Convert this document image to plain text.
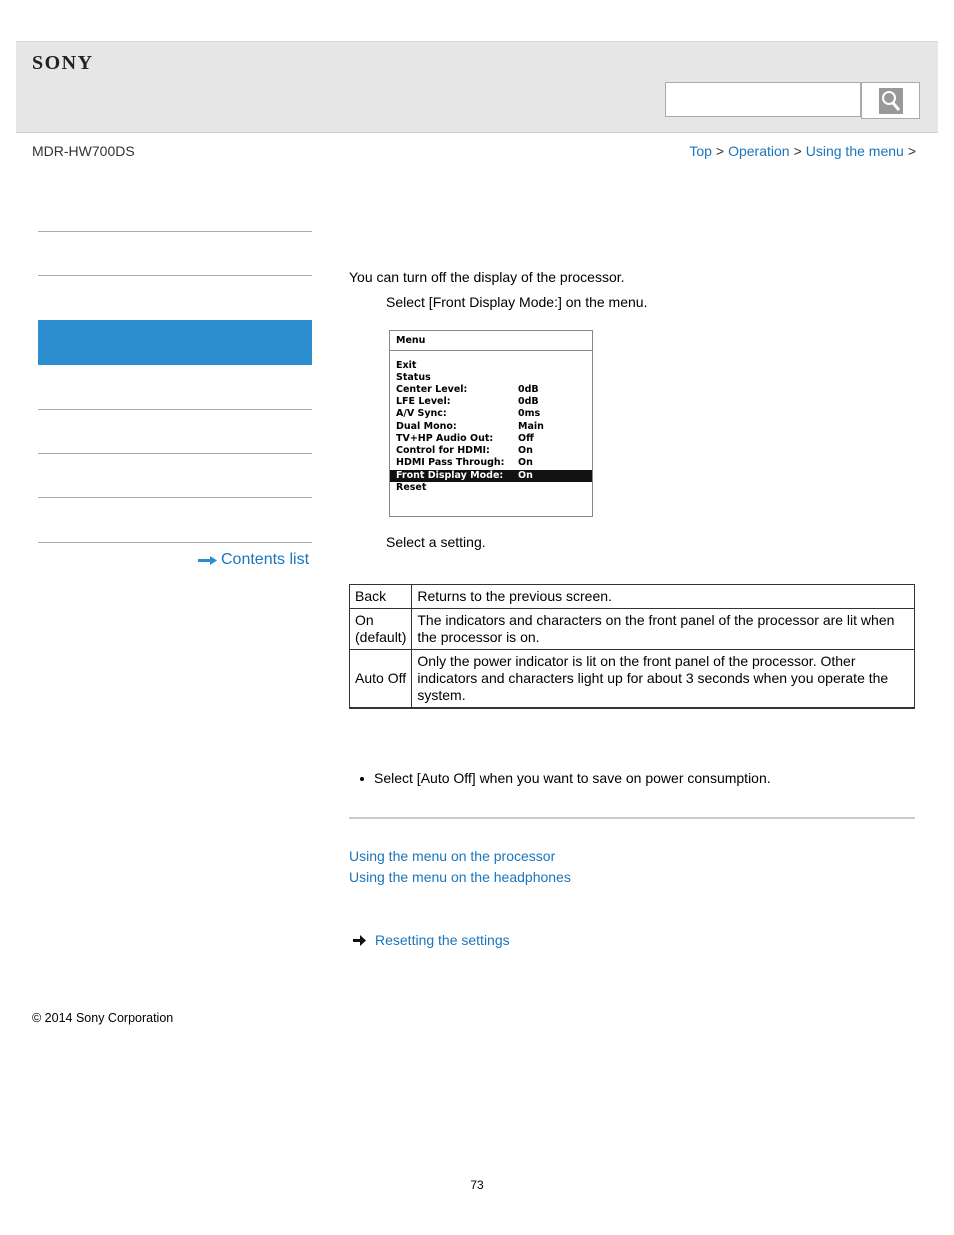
SONY
MDR-HW700DS	Top > Operation > Using the menu >
Contents list
You can turn off the display of the processor.
Select [Front Display Mode:] on the menu.
Menu
Exit
Status
Center Level:	0dB
LFE Level:	0dB
A/V Sync:	0ms
Dual Mono:	Main
TV+HP Audio Out:	Off
Control for HDMI:	On
HDMI Pass Through: On
Front Display Mode: On
Reset
Select a setting.
Back	Returns to the previous screen.
On (default)	The indicators and characters on the front panel of the processor are lit when the processor is on.
Auto Off	Only the power indicator is lit on the front panel of the processor. Other indicators and characters light up for about 3 seconds when you operate the system.
Select [Auto Off] when you want to save on power consumption.
Using the menu on the processor
Using the menu on the headphones
Resetting the settings
© 2014 Sony Corporation
73
